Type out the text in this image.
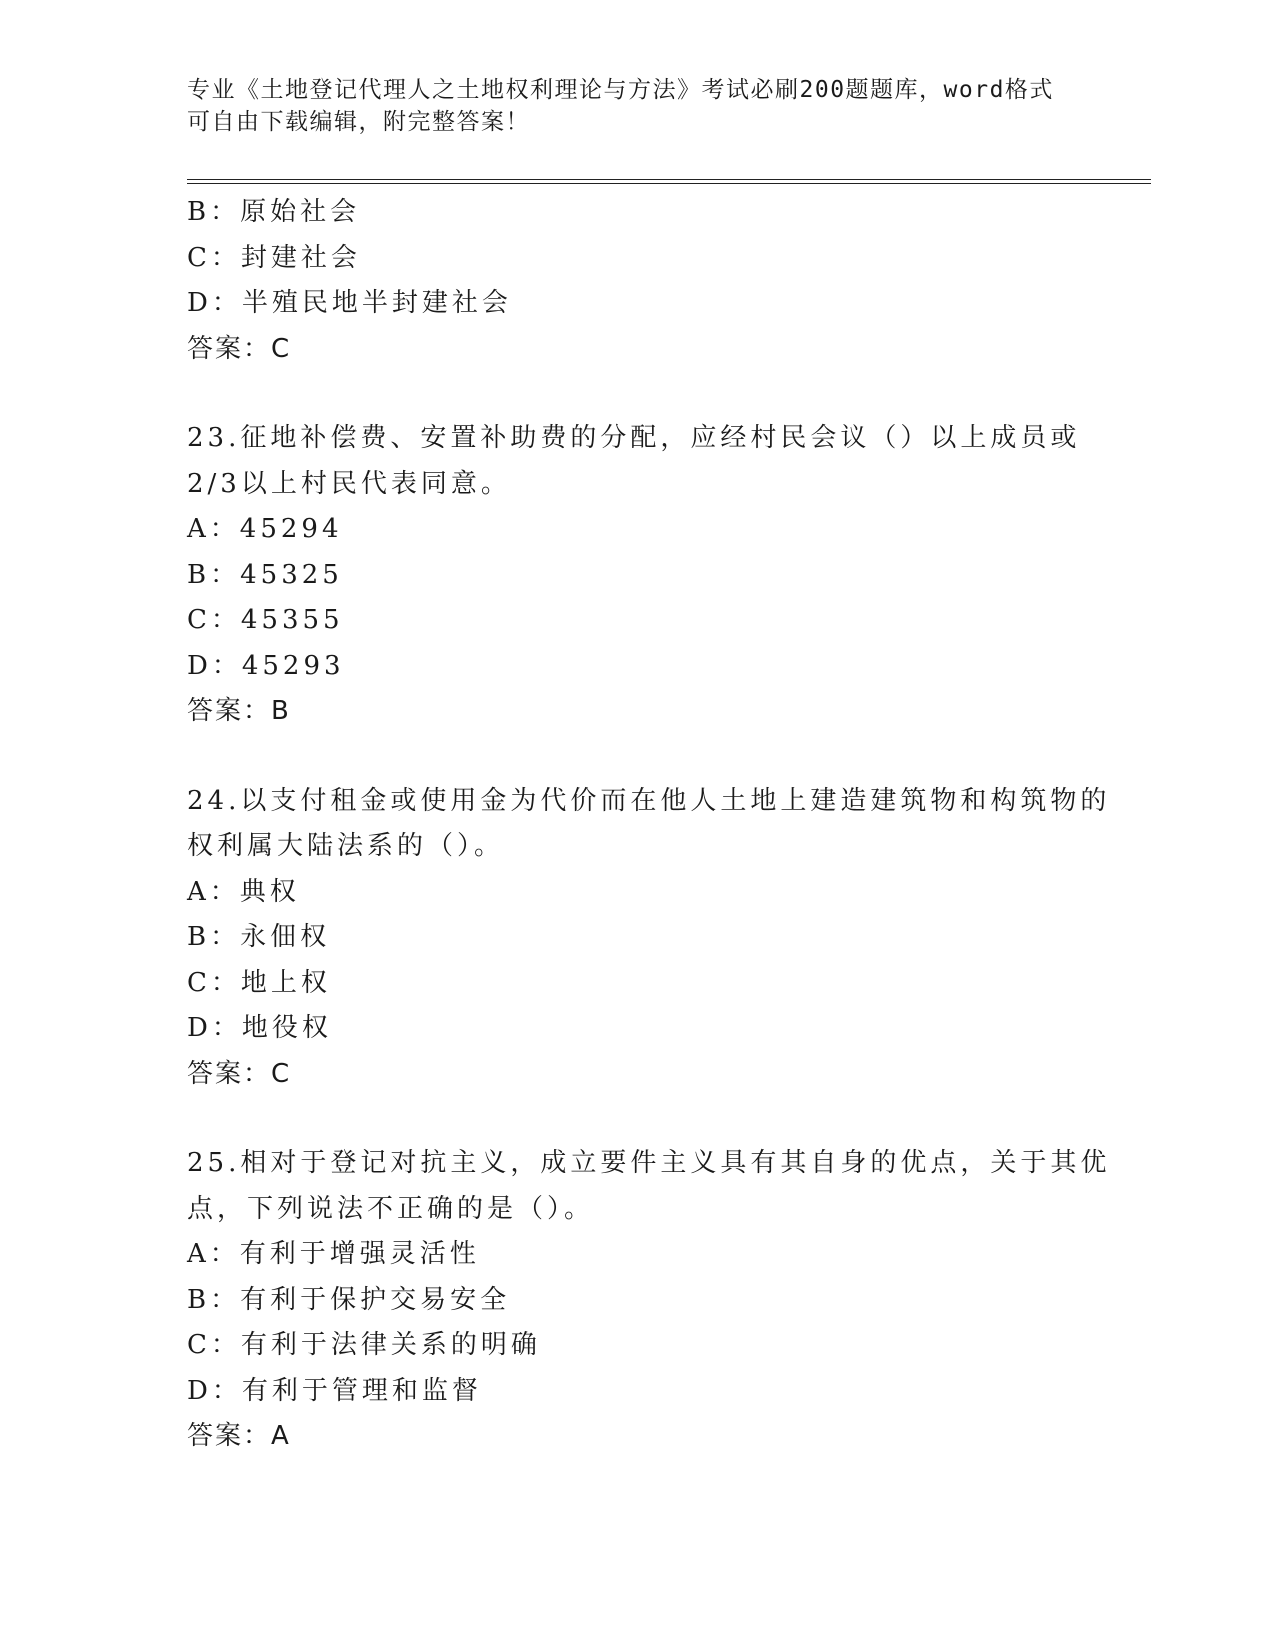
专业《土地登记代理人之土地权利理论与方法》考试必刷200题题库，word格式
可自由下载编辑，附完整答案！
B：原始社会
C：封建社会
D：半殖民地半封建社会
答案：C
23.征地补偿费、安置补助费的分配，应经村民会议（）以上成员或
2/3以上村民代表同意。
A：45294
B：45325
C：45355
D：45293
答案：B
24.以支付租金或使用金为代价而在他人土地上建造建筑物和构筑物的
权利属大陆法系的（）。
A：典权
B：永佃权
C：地上权
D：地役权
答案：C
25.相对于登记对抗主义，成立要件主义具有其自身的优点，关于其优
点，下列说法不正确的是（）。
A：有利于增强灵活性
B：有利于保护交易安全
C：有利于法律关系的明确
D：有利于管理和监督
答案：A
